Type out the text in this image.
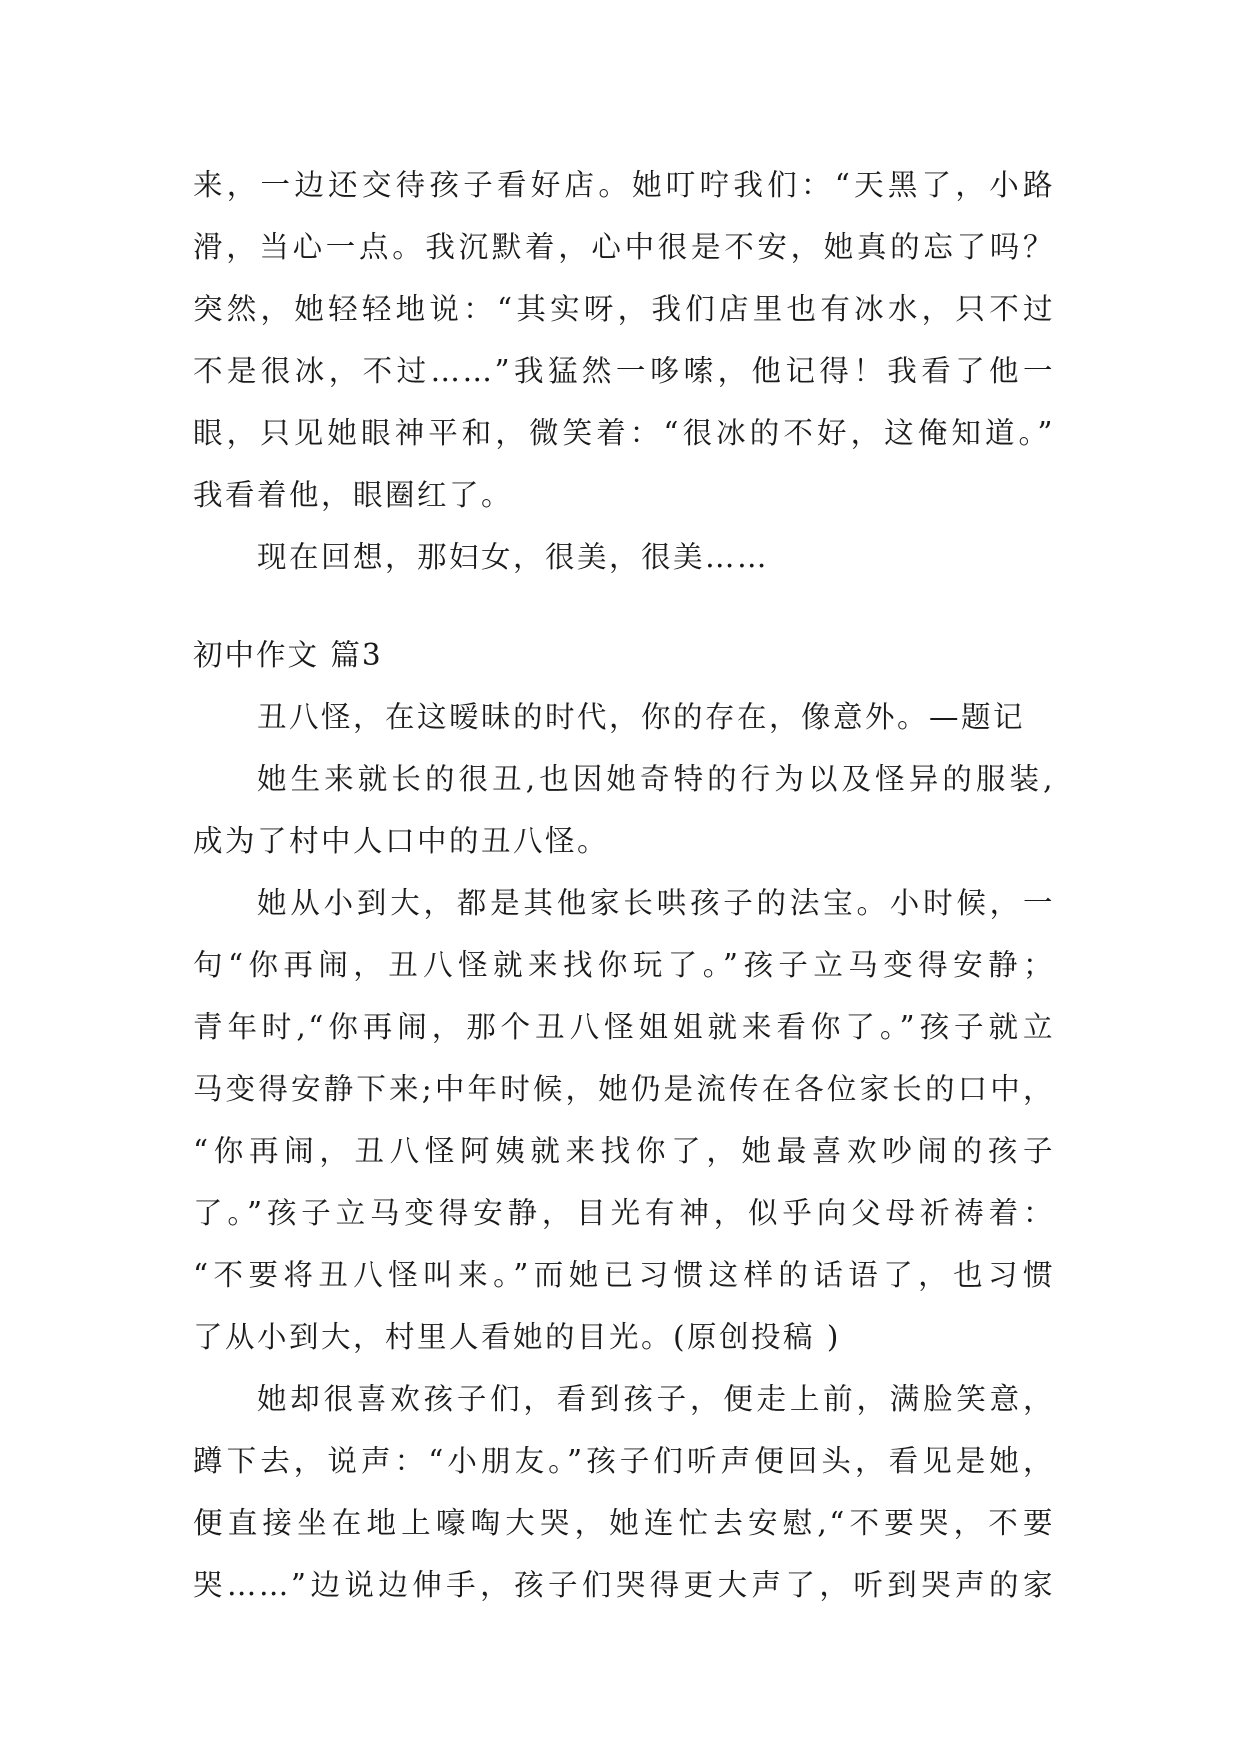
来，一边还交待孩子看好店。她叮咛我们：“天黑了，小路
滑，当心一点。我沉默着，心中很是不安，她真的忘了吗？
突然，她轻轻地说：“其实呀，我们店里也有冰水，只不过
不是很冰，不过……”我猛然一哆嗦，他记得！我看了他一
眼，只见她眼神平和，微笑着：“很冰的不好，这俺知道。”
我看着他，眼圈红了。
现在回想，那妇女，很美，很美……
初中作文 篇3
丑八怪，在这暧昧的时代，你的存在，像意外。—题记
她生来就长的很丑,也因她奇特的行为以及怪异的服装,
成为了村中人口中的丑八怪。
她从小到大，都是其他家长哄孩子的法宝。小时候，一
句“你再闹，丑八怪就来找你玩了。”孩子立马变得安静；
青年时,“你再闹，那个丑八怪姐姐就来看你了。”孩子就立
马变得安静下来;中年时候，她仍是流传在各位家长的口中，
“你再闹，丑八怪阿姨就来找你了，她最喜欢吵闹的孩子
了。”孩子立马变得安静，目光有神，似乎向父母祈祷着：
“不要将丑八怪叫来。”而她已习惯这样的话语了，也习惯
了从小到大，村里人看她的目光。(原创投稿 )
她却很喜欢孩子们，看到孩子，便走上前，满脸笑意，
蹲下去，说声：“小朋友。”孩子们听声便回头，看见是她，
便直接坐在地上嚎啕大哭，她连忙去安慰,“不要哭，不要
哭……”边说边伸手，孩子们哭得更大声了，听到哭声的家
